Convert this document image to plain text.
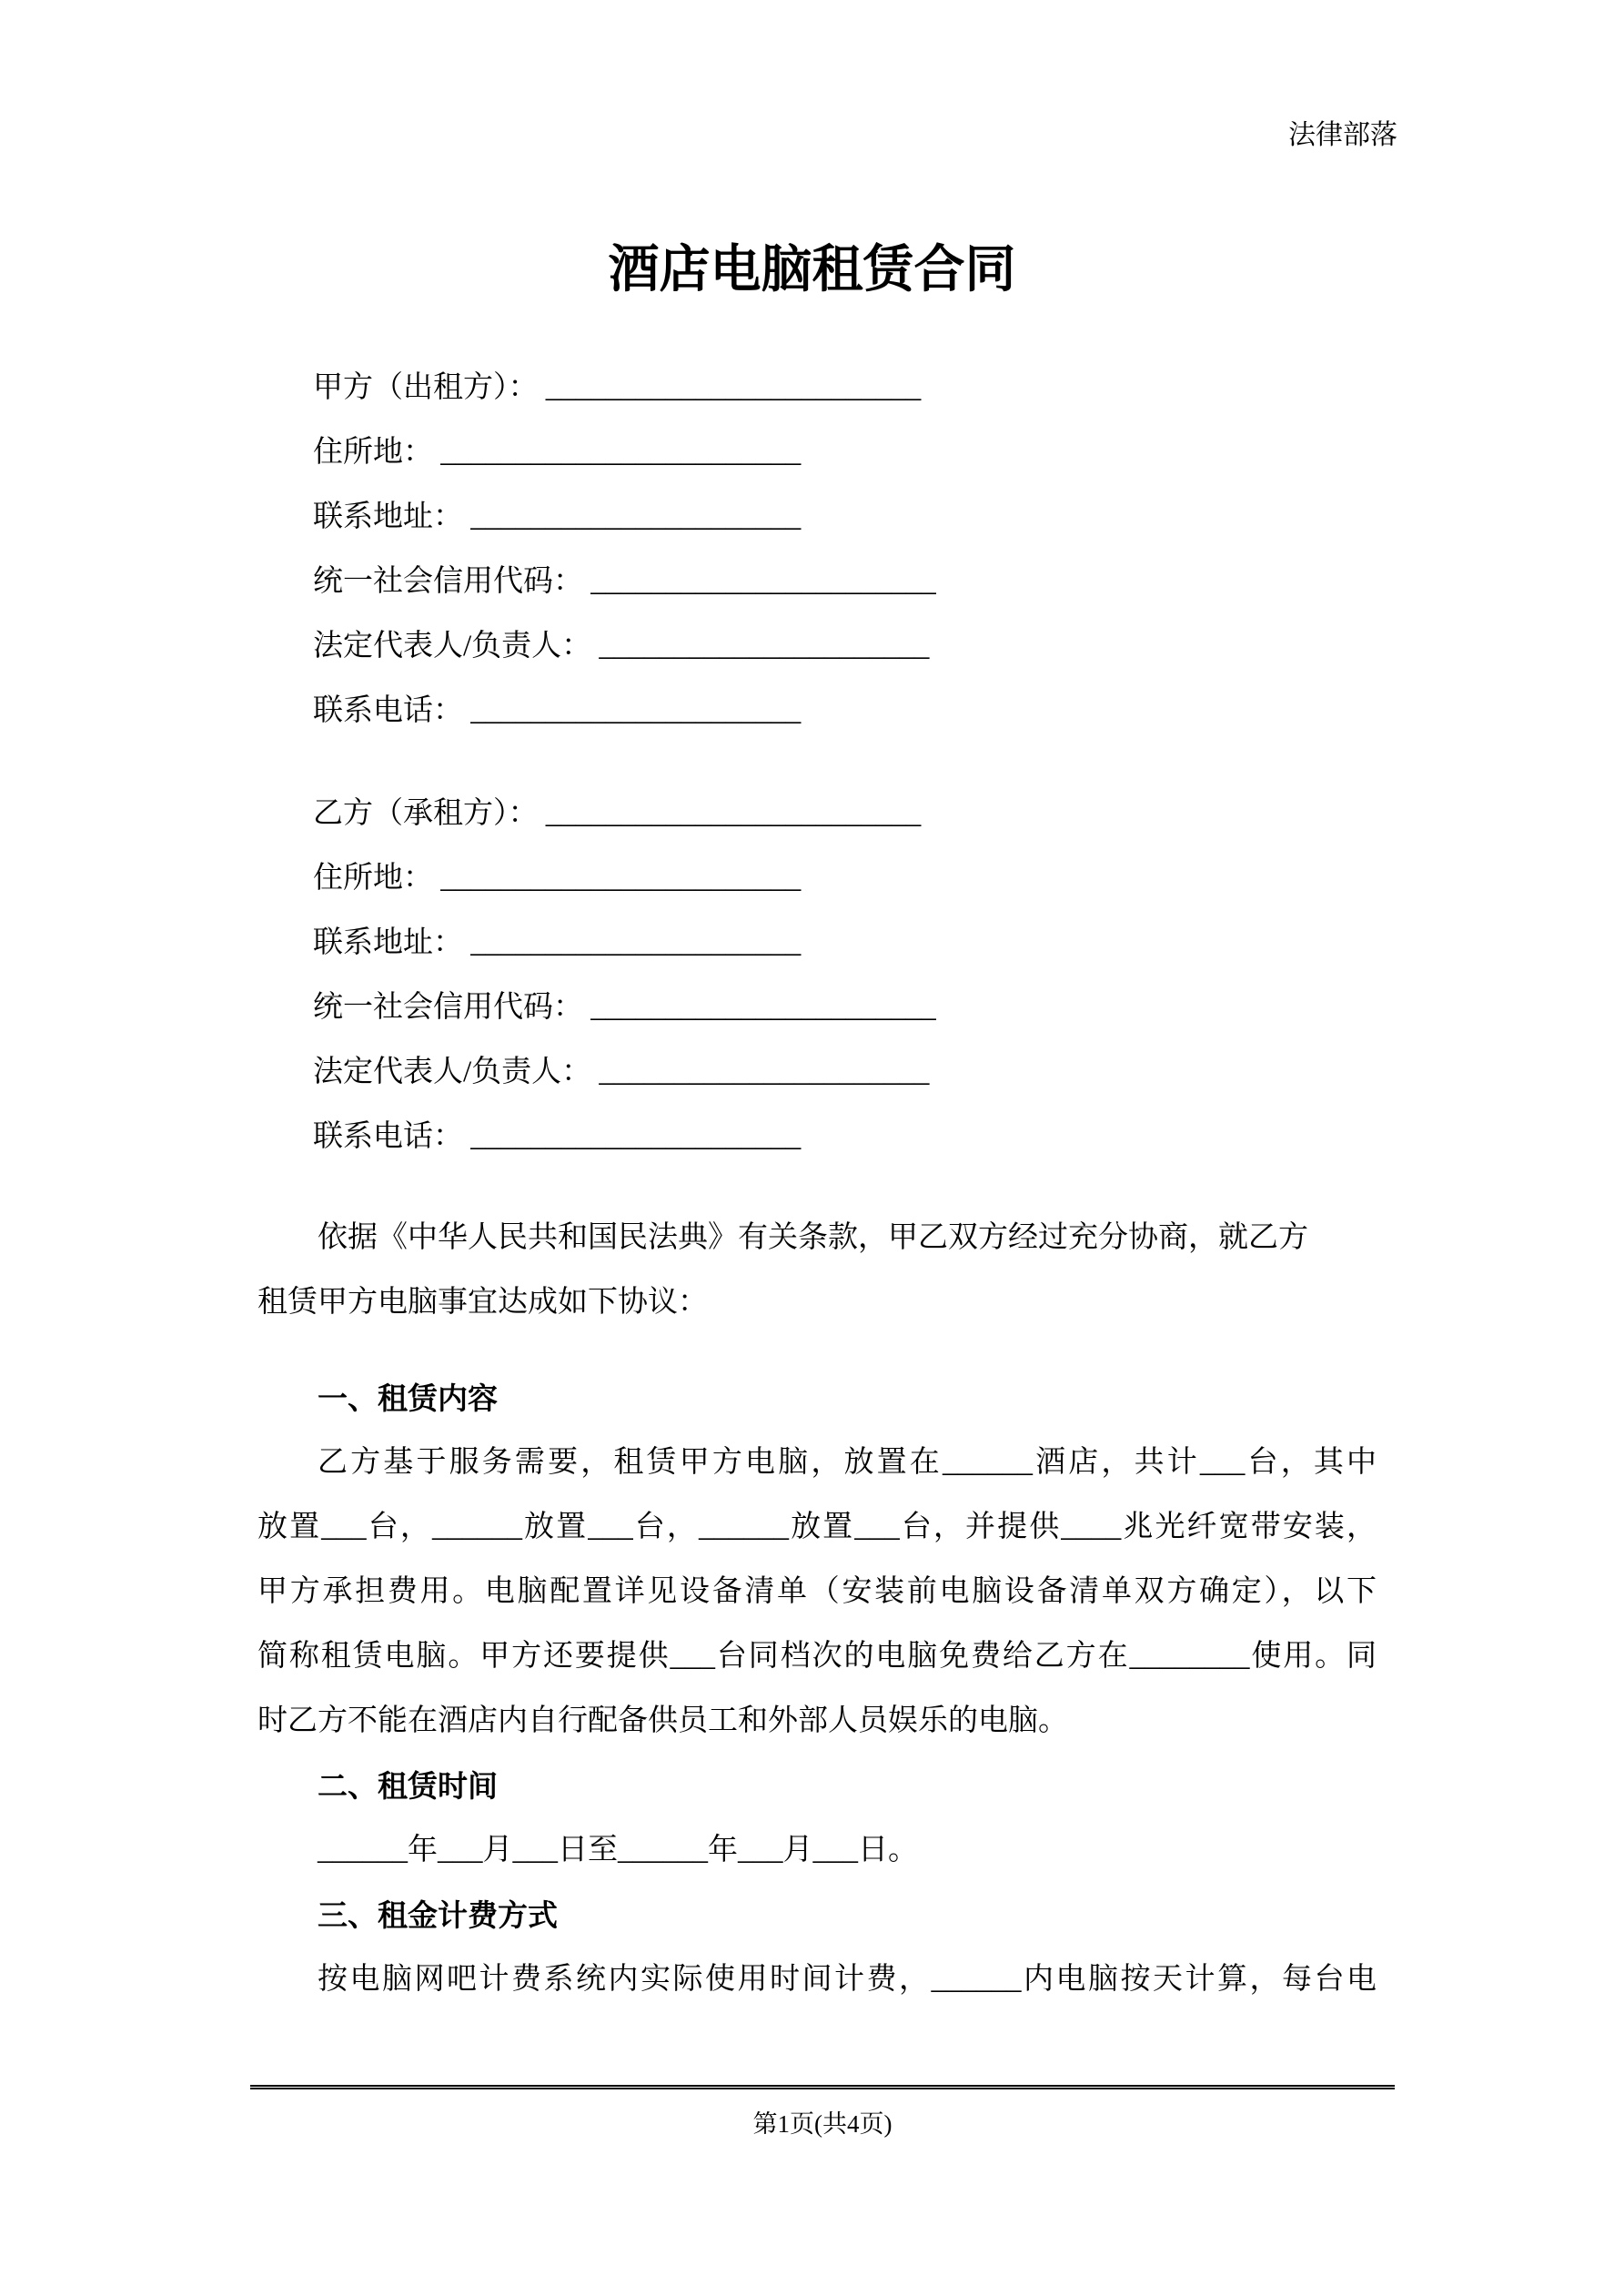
法律部落
酒店电脑租赁合同
甲方（出租方）： _________________________
住所地： ________________________
联系地址： ______________________
统一社会信用代码： _______________________
法定代表人/负责人： ______________________
联系电话： ______________________
乙方（承租方）： _________________________
住所地： ________________________
联系地址： ______________________
统一社会信用代码： _______________________
法定代表人/负责人： ______________________
联系电话： ______________________

依据《中华人民共和国民法典》有关条款，甲乙双方经过充分协商，就乙方

租赁甲方电脑事宜达成如下协议：

一、租赁内容

乙方基于服务需要，租赁甲方电脑，放置在______酒店，共计___台，其中

放置___台，______放置___台，______放置___台，并提供____兆光纤宽带安装，

甲方承担费用。电脑配置详见设备清单（安装前电脑设备清单双方确定），以下

简称租赁电脑。甲方还要提供___台同档次的电脑免费给乙方在________使用。同

时乙方不能在酒店内自行配备供员工和外部人员娱乐的电脑。

二、租赁时间

______年___月___日至______年___月___日。

三、租金计费方式

按电脑网吧计费系统内实际使用时间计费，______内电脑按天计算，每台电

第1页(共4页)
